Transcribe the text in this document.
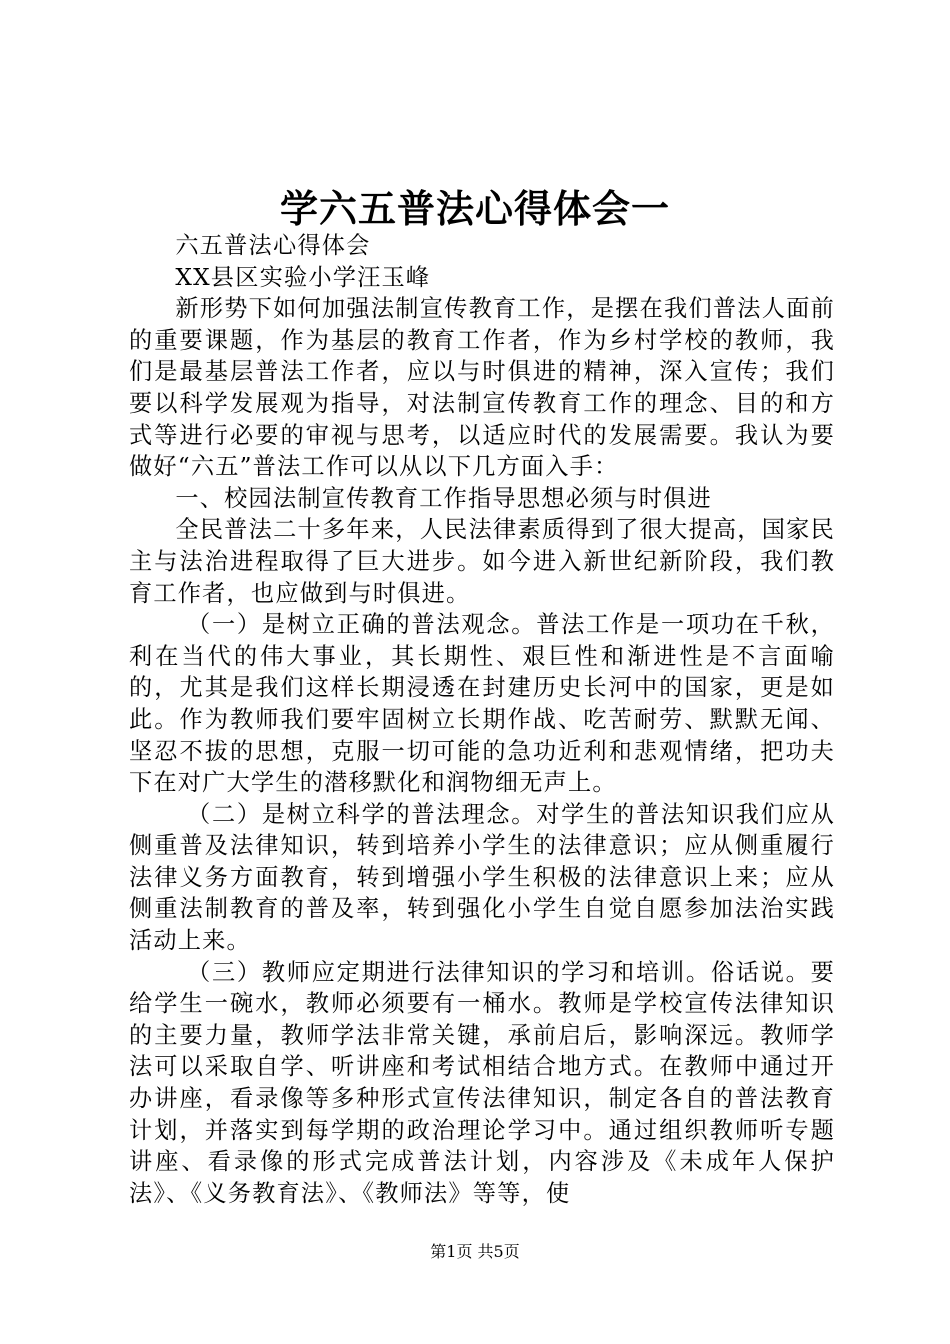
学六五普法心得体会一

六五普法心得体会

XX县区实验小学汪玉峰

新形势下如何加强法制宣传教育工作，是摆在我们普法人面前的重要课题，作为基层的教育工作者，作为乡村学校的教师，我们是最基层普法工作者，应以与时俱进的精神，深入宣传；我们要以科学发展观为指导，对法制宣传教育工作的理念、目的和方式等进行必要的审视与思考，以适应时代的发展需要。我认为要做好“六五”普法工作可以从以下几方面入手：

一、校园法制宣传教育工作指导思想必须与时俱进

全民普法二十多年来，人民法律素质得到了很大提高，国家民主与法治进程取得了巨大进步。如今进入新世纪新阶段，我们教育工作者，也应做到与时俱进。

（一）是树立正确的普法观念。普法工作是一项功在千秋，利在当代的伟大事业，其长期性、艰巨性和渐进性是不言面喻的，尤其是我们这样长期浸透在封建历史长河中的国家，更是如此。作为教师我们要牢固树立长期作战、吃苦耐劳、默默无闻、坚忍不拔的思想，克服一切可能的急功近利和悲观情绪，把功夫下在对广大学生的潜移默化和润物细无声上。

（二）是树立科学的普法理念。对学生的普法知识我们应从侧重普及法律知识，转到培养小学生的法律意识；应从侧重履行法律义务方面教育，转到增强小学生积极的法律意识上来；应从侧重法制教育的普及率，转到强化小学生自觉自愿参加法治实践活动上来。

（三）教师应定期进行法律知识的学习和培训。俗话说。要给学生一碗水，教师必须要有一桶水。教师是学校宣传法律知识的主要力量，教师学法非常关键，承前启后，影响深远。教师学法可以采取自学、听讲座和考试相结合地方式。在教师中通过开办讲座，看录像等多种形式宣传法律知识，制定各自的普法教育计划，并落实到每学期的政治理论学习中。通过组织教师听专题讲座、看录像的形式完成普法计划，内容涉及《未成年人保护法》、《义务教育法》、《教师法》等等，使

第1页 共5页
